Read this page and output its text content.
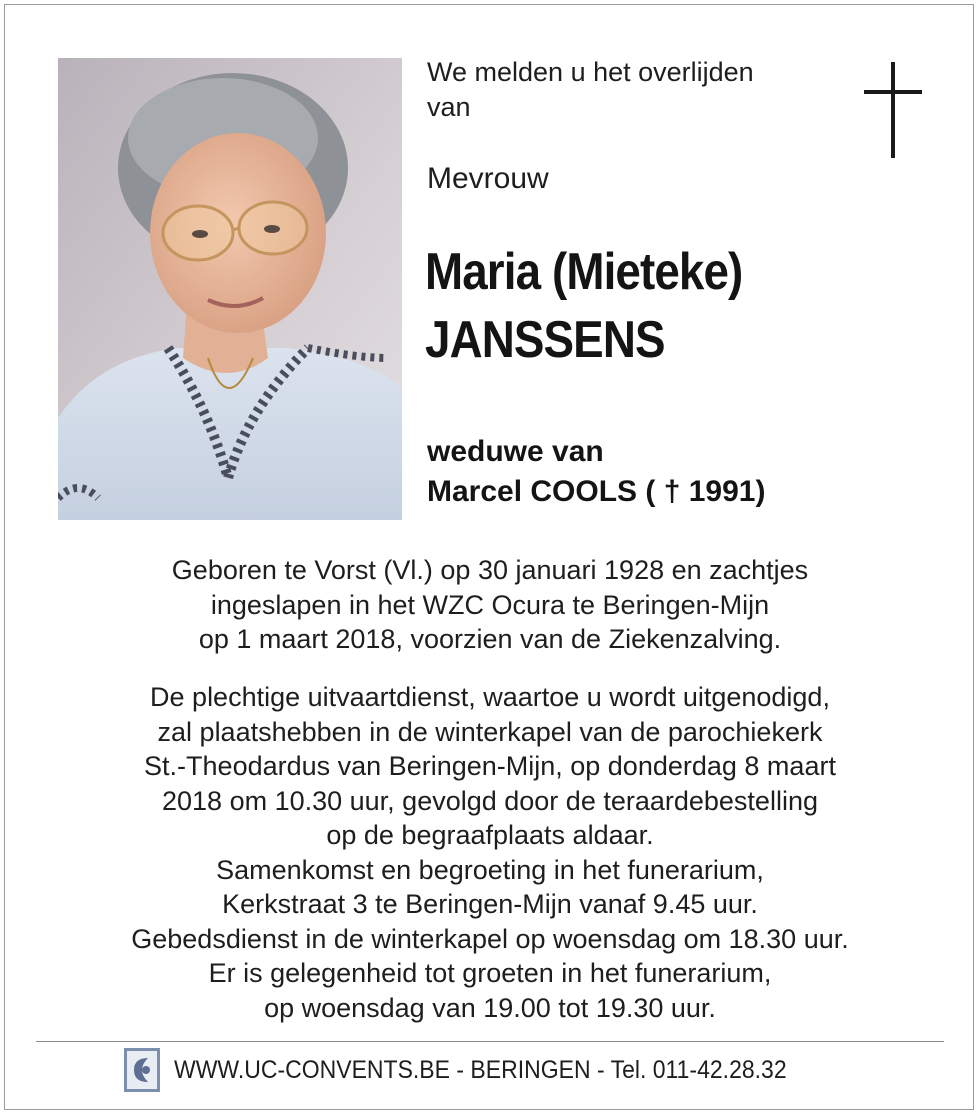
We melden u het overlijden
van
Mevrouw
Maria (Mieteke)
JANSSENS
weduwe van
Marcel COOLS ( † 1991)

Geboren te Vorst (Vl.) op 30 januari 1928 en zachtjes

ingeslapen in het WZC Ocura te Beringen-Mijn

op 1 maart 2018, voorzien van de Ziekenzalving.

De plechtige uitvaartdienst, waartoe u wordt uitgenodigd,

zal plaatshebben in de winterkapel van de parochiekerk

St.-Theodardus van Beringen-Mijn, op donderdag 8 maart

2018 om 10.30 uur, gevolgd door de teraardebestelling

op de begraafplaats aldaar.

Samenkomst en begroeting in het funerarium,

Kerkstraat 3 te Beringen-Mijn vanaf 9.45 uur.

Gebedsdienst in de winterkapel op woensdag om 18.30 uur.

Er is gelegenheid tot groeten in het funerarium,

op woensdag van 19.00 tot 19.30 uur.

WWW.UC-CONVENTS.BE - BERINGEN - Tel. 011-42.28.32
